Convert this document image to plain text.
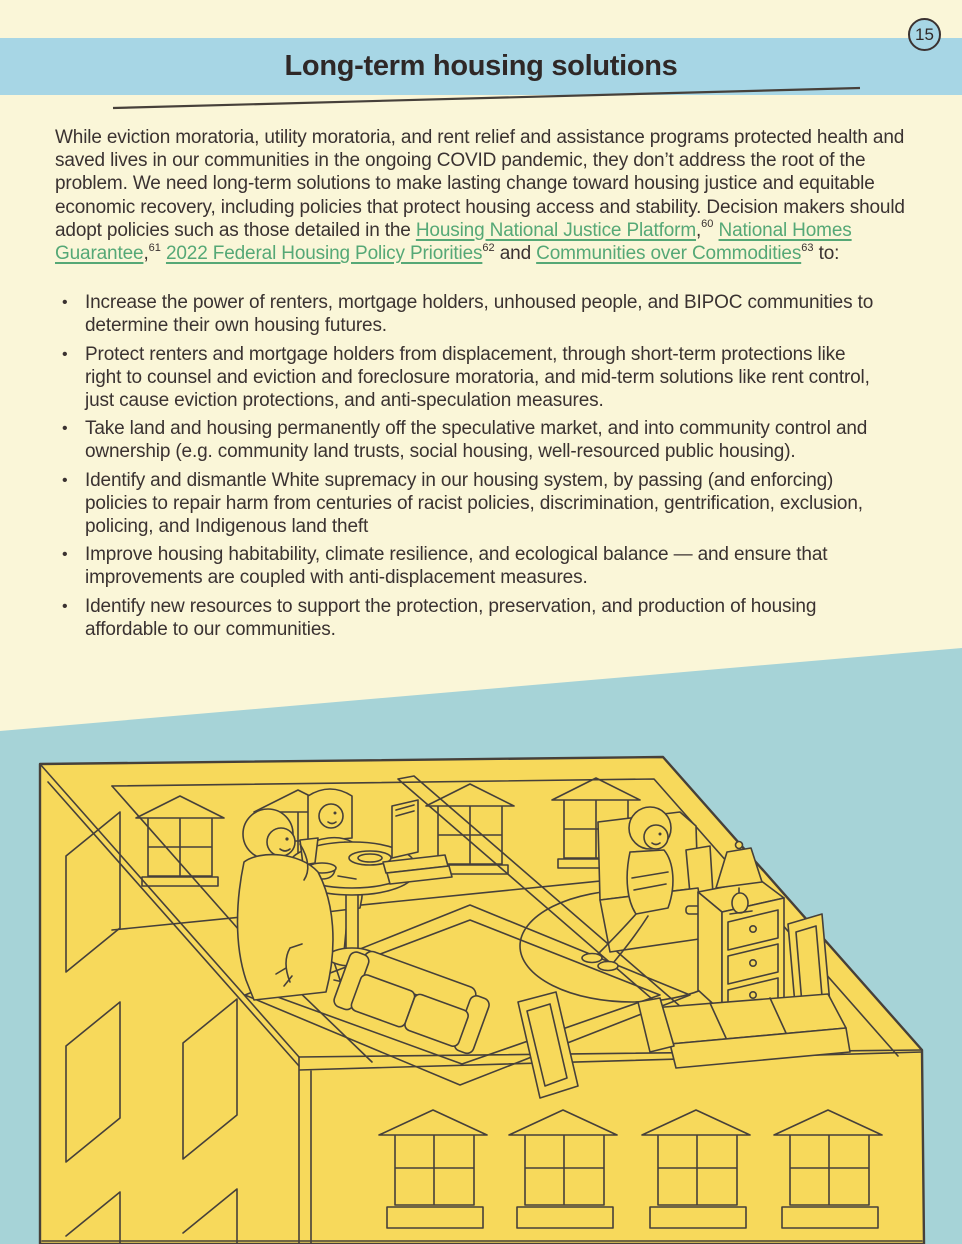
Long-term housing solutions
15

While eviction moratoria, utility moratoria, and rent relief and assistance programs protected health and saved lives in our communities in the ongoing COVID pandemic, they don’t address the root of the problem. We need long-term solutions to make lasting change toward housing justice and equitable economic recovery, including policies that protect housing access and stability. Decision makers should adopt policies such as those detailed in the Housing National Justice Platform,$^{60}$ National Homes Guarantee,$^{61}$ 2022 Federal Housing Policy Priorities$^{62}$ and Communities over Commodities$^{63}$ to:

• Increase the power of renters, mortgage holders, unhoused people, and BIPOC communities to determine their own housing futures.
• Protect renters and mortgage holders from displacement, through short-term protections like right to counsel and eviction and foreclosure moratoria, and mid-term solutions like rent control, just cause eviction protections, and anti-speculation measures.
• Take land and housing permanently off the speculative market, and into community control and ownership (e.g. community land trusts, social housing, well-resourced public housing).
• Identify and dismantle White supremacy in our housing system, by passing (and enforcing) policies to repair harm from centuries of racist policies, discrimination, gentrification, exclusion, policing, and Indigenous land theft
• Improve housing habitability, climate resilience, and ecological balance — and ensure that improvements are coupled with anti-displacement measures.
• Identify new resources to support the protection, preservation, and production of housing affordable to our communities.
